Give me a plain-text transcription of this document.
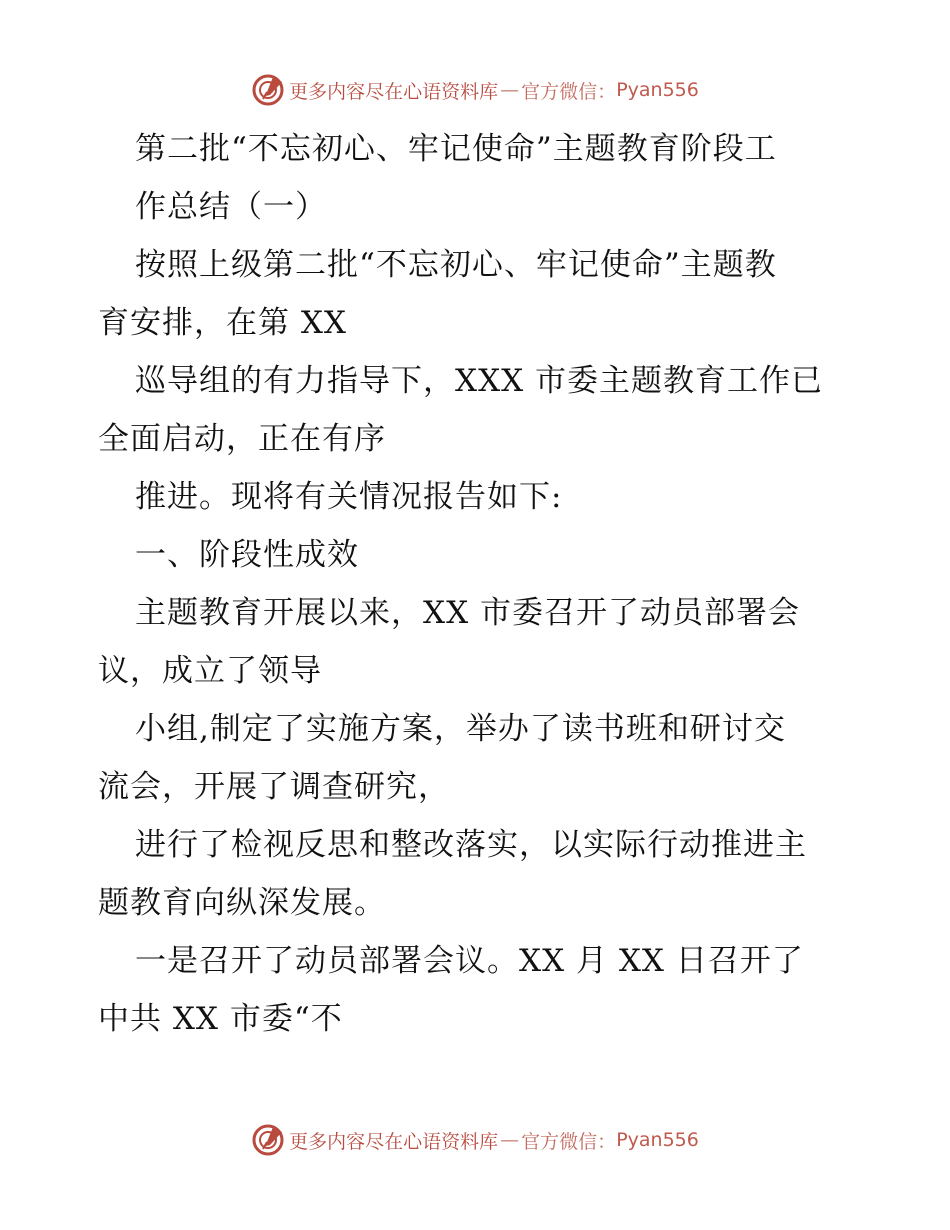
更多内容尽在心语资料库 — 官方微信： Pyan556
第二批“不忘初心、牢记使命”主题教育阶段工
作总结（一）
按照上级第二批“不忘初心、牢记使命”主题教
育安排，在第 XX
巡导组的有力指导下，XXX 市委主题教育工作已
全面启动，正在有序
推进。现将有关情况报告如下:
一、阶段性成效
主题教育开展以来，XX 市委召开了动员部署会
议，成立了领导
小组,制定了实施方案，举办了读书班和研讨交
流会，开展了调查研究，
进行了检视反思和整改落实，以实际行动推进主
题教育向纵深发展。
一是召开了动员部署会议。XX 月 XX 日召开了
中共 XX 市委“不
更多内容尽在心语资料库 — 官方微信： Pyan556
